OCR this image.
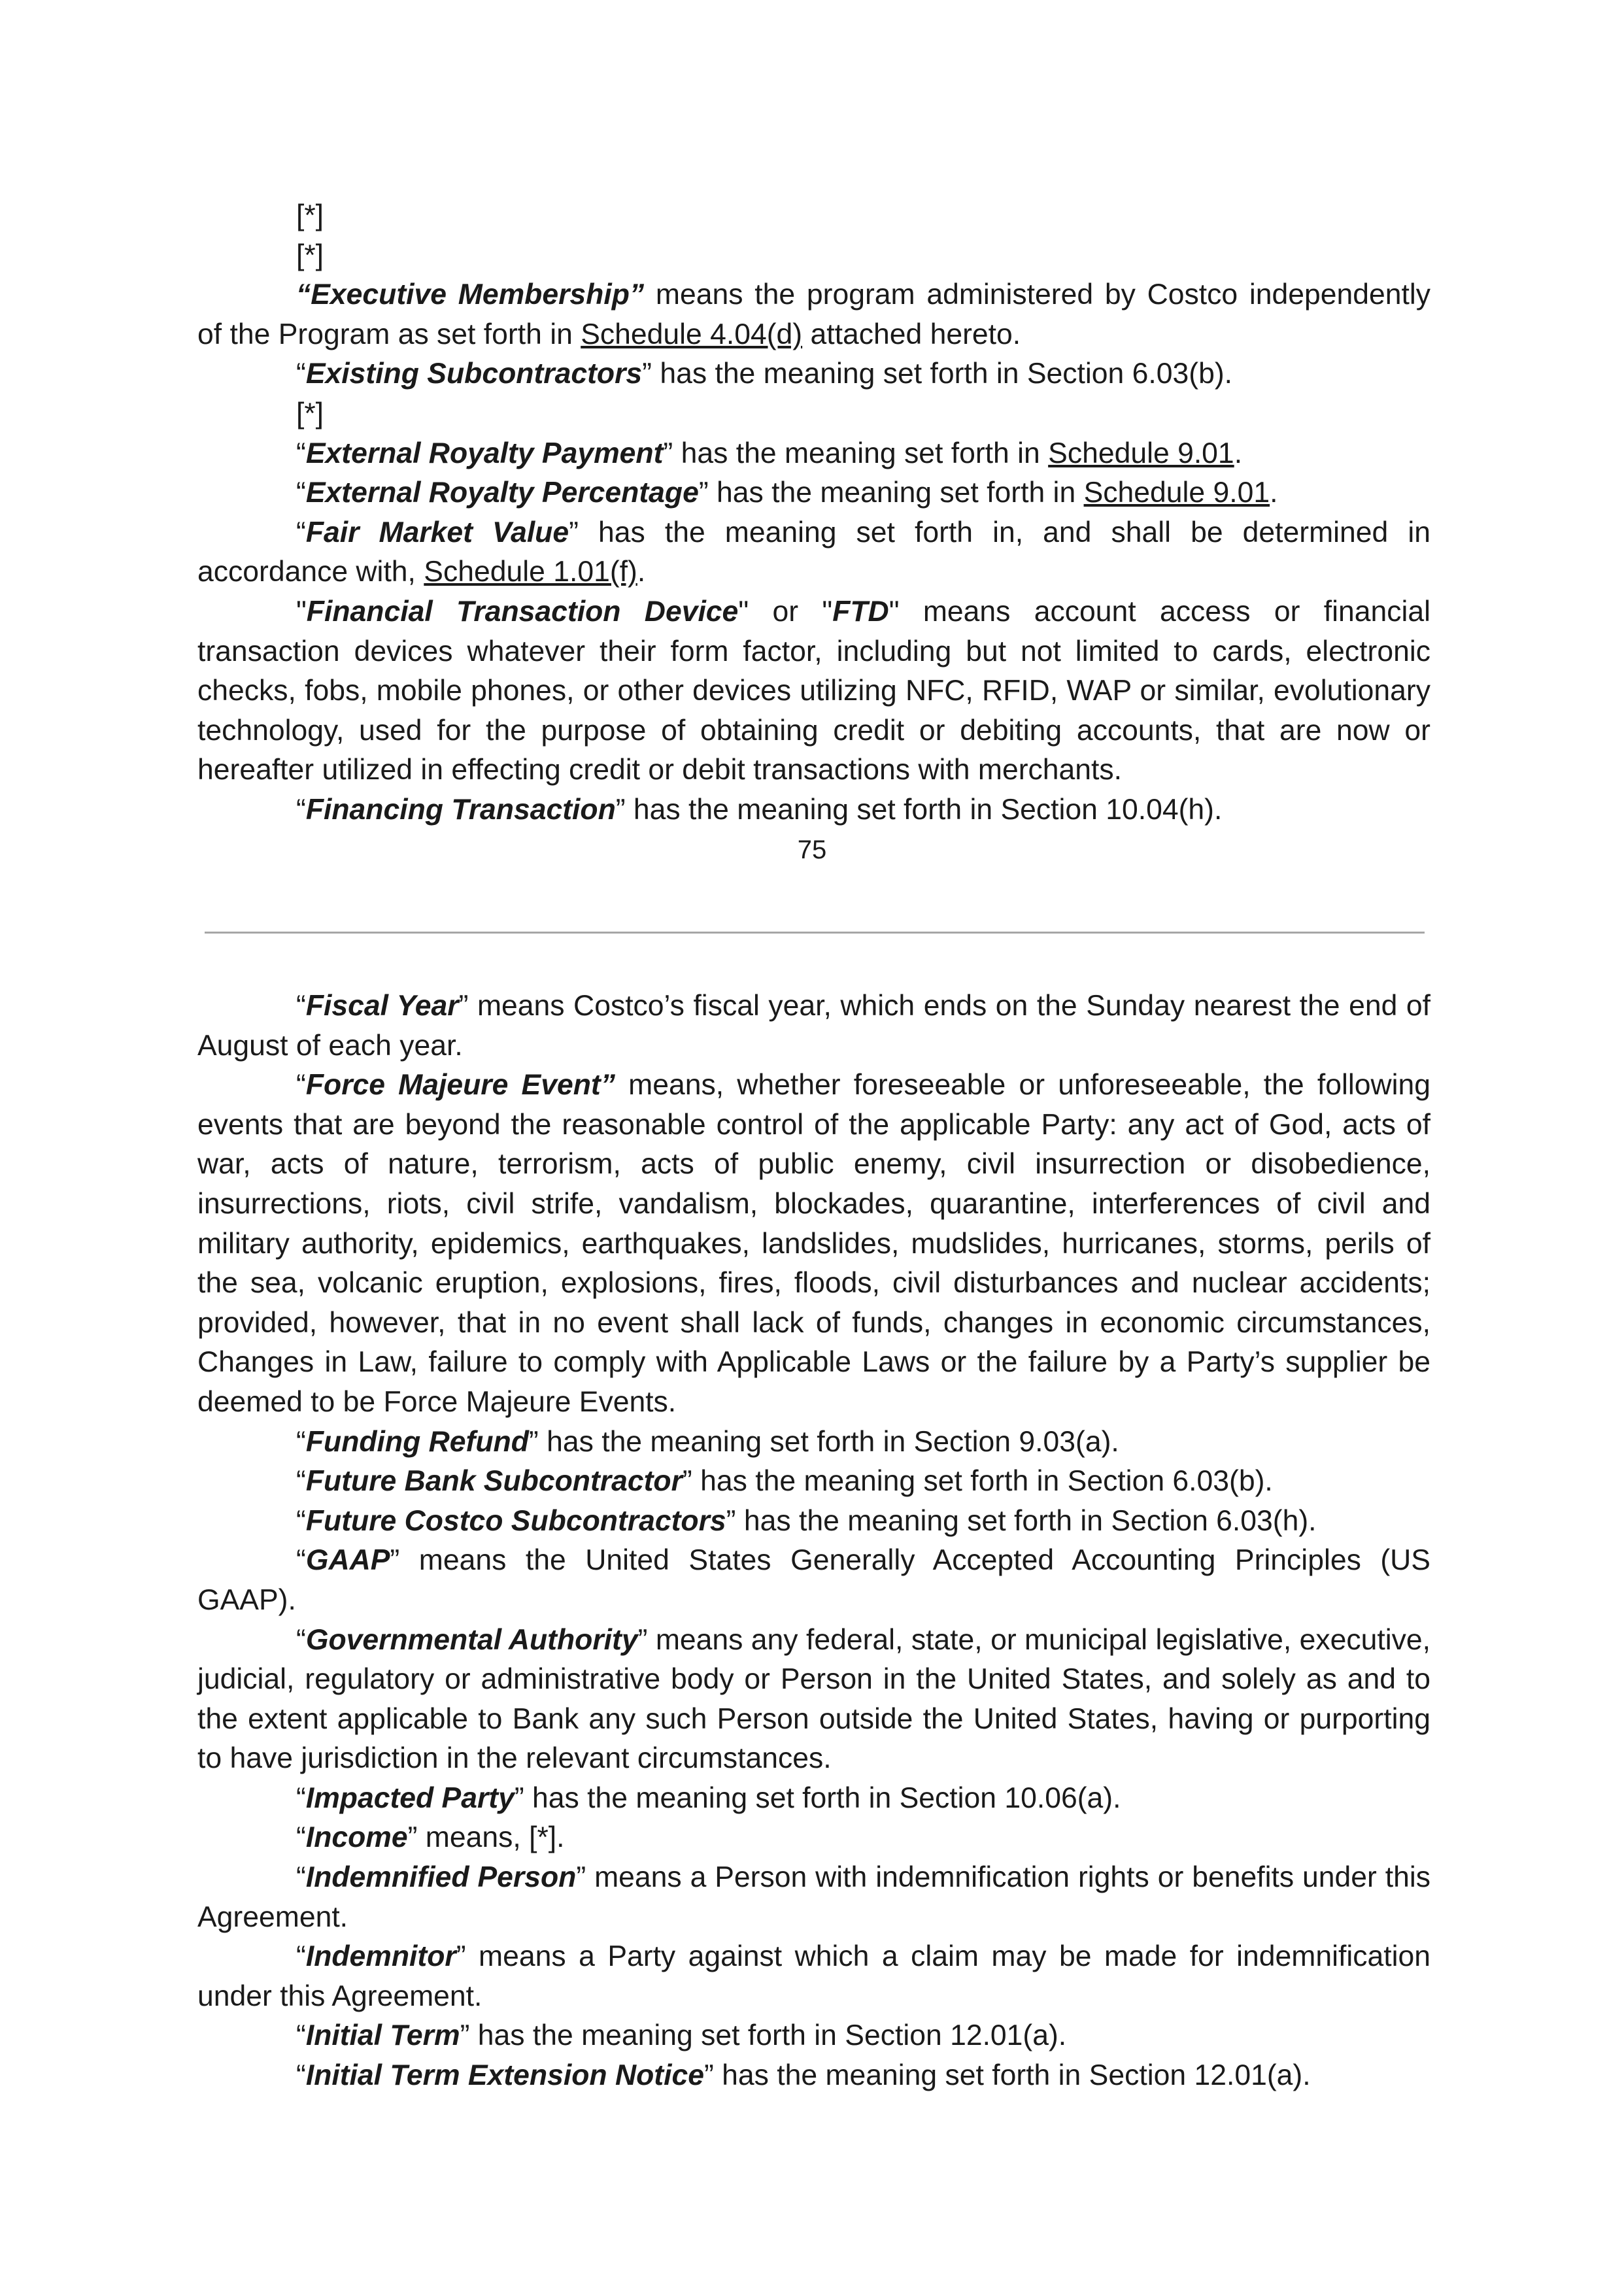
[*]

[*]

“Executive Membership” means the program administered by Costco independently of the Program as set forth in Schedule 4.04(d) attached hereto.

“Existing Subcontractors” has the meaning set forth in Section 6.03(b).

[*]

“External Royalty Payment” has the meaning set forth in Schedule 9.01.

“External Royalty Percentage” has the meaning set forth in Schedule 9.01.

“Fair Market Value” has the meaning set forth in, and shall be determined in accordance with, Schedule 1.01(f).

"Financial Transaction Device" or "FTD" means account access or financial transaction devices whatever their form factor, including but not limited to cards, electronic checks, fobs, mobile phones, or other devices utilizing NFC, RFID, WAP or similar, evolutionary technology, used for the purpose of obtaining credit or debiting accounts, that are now or hereafter utilized in effecting credit or debit transactions with merchants.

“Financing Transaction” has the meaning set forth in Section 10.04(h).

75

“Fiscal Year” means Costco’s fiscal year, which ends on the Sunday nearest the end of August of each year.

“Force Majeure Event” means, whether foreseeable or unforeseeable, the following events that are beyond the reasonable control of the applicable Party: any act of God, acts of war, acts of nature, terrorism, acts of public enemy, civil insurrection or disobedience, insurrections, riots, civil strife, vandalism, blockades, quarantine, interferences of civil and military authority, epidemics, earthquakes, landslides, mudslides, hurricanes, storms, perils of the sea, volcanic eruption, explosions, fires, floods, civil disturbances and nuclear accidents; provided, however, that in no event shall lack of funds, changes in economic circumstances, Changes in Law, failure to comply with Applicable Laws or the failure by a Party’s supplier be deemed to be Force Majeure Events.

“Funding Refund” has the meaning set forth in Section 9.03(a).

“Future Bank Subcontractor” has the meaning set forth in Section 6.03(b).

“Future Costco Subcontractors” has the meaning set forth in Section 6.03(h).

“GAAP” means the United States Generally Accepted Accounting Principles (US GAAP).

“Governmental Authority” means any federal, state, or municipal legislative, executive, judicial, regulatory or administrative body or Person in the United States, and solely as and to the extent applicable to Bank any such Person outside the United States, having or purporting to have jurisdiction in the relevant circumstances.

“Impacted Party” has the meaning set forth in Section 10.06(a).

“Income” means, [*].

“Indemnified Person” means a Person with indemnification rights or benefits under this Agreement.

“Indemnitor” means a Party against which a claim may be made for indemnification under this Agreement.

“Initial Term” has the meaning set forth in Section 12.01(a).

“Initial Term Extension Notice” has the meaning set forth in Section 12.01(a).
